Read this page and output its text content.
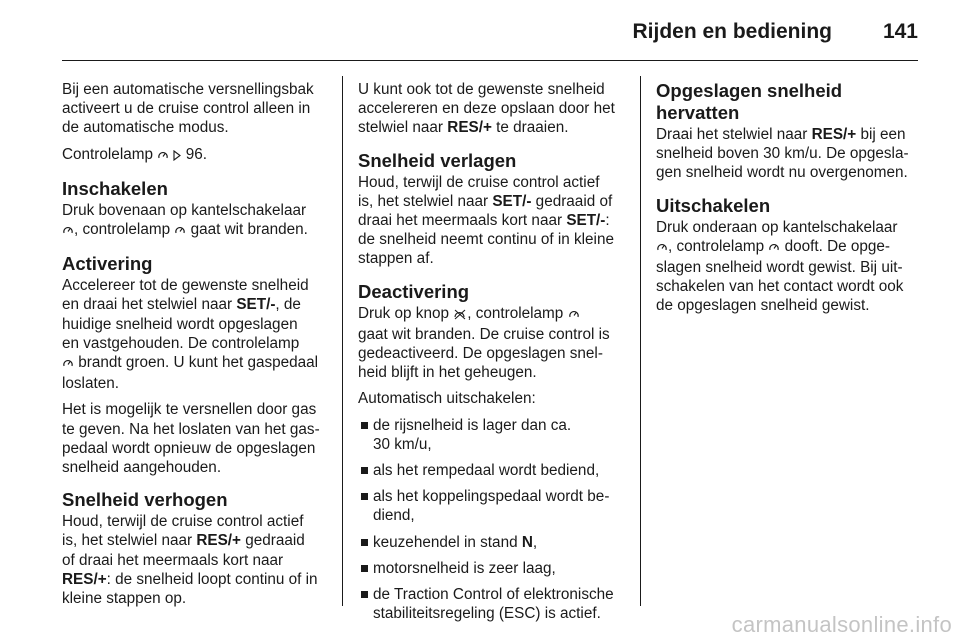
Rijden en bediening 141
Bij een automatische versnellingsbak
activeert u de cruise control alleen in
de automatische modus.
Controlelamp 96.
Inschakelen
Druk bovenaan op kantelschakelaar
, controlelamp gaat wit branden.
Activering
Accelereer tot de gewenste snelheid
en draai het stelwiel naar SET/-, de
huidige snelheid wordt opgeslagen
en vastgehouden. De controlelamp
brandt groen. U kunt het gaspedaal
loslaten.
Het is mogelijk te versnellen door gas
te geven. Na het loslaten van het gas-
pedaal wordt opnieuw de opgeslagen
snelheid aangehouden.
Snelheid verhogen
Houd, terwijl de cruise control actief
is, het stelwiel naar RES/+ gedraaid
of draai het meermaals kort naar
RES/+: de snelheid loopt continu of in
kleine stappen op.
U kunt ook tot de gewenste snelheid
accelereren en deze opslaan door het
stelwiel naar RES/+ te draaien.
Snelheid verlagen
Houd, terwijl de cruise control actief
is, het stelwiel naar SET/- gedraaid of
draai het meermaals kort naar SET/-:
de snelheid neemt continu of in kleine
stappen af.
Deactivering
Druk op knop , controlelamp
gaat wit branden. De cruise control is
gedeactiveerd. De opgeslagen snel-
heid blijft in het geheugen.
Automatisch uitschakelen:
de rijsnelheid is lager dan ca.
30 km/u,
als het rempedaal wordt bediend,
als het koppelingspedaal wordt be-
diend,
keuzehendel in stand N,
motorsnelheid is zeer laag,
de Traction Control of elektronische
stabiliteitsregeling (ESC) is actief.
Opgeslagen snelheid hervatten
Draai het stelwiel naar RES/+ bij een
snelheid boven 30 km/u. De opgesla-
gen snelheid wordt nu overgenomen.
Uitschakelen
Druk onderaan op kantelschakelaar
, controlelamp dooft. De opge-
slagen snelheid wordt gewist. Bij uit-
schakelen van het contact wordt ook
de opgeslagen snelheid gewist.
carmanualsonline.info
